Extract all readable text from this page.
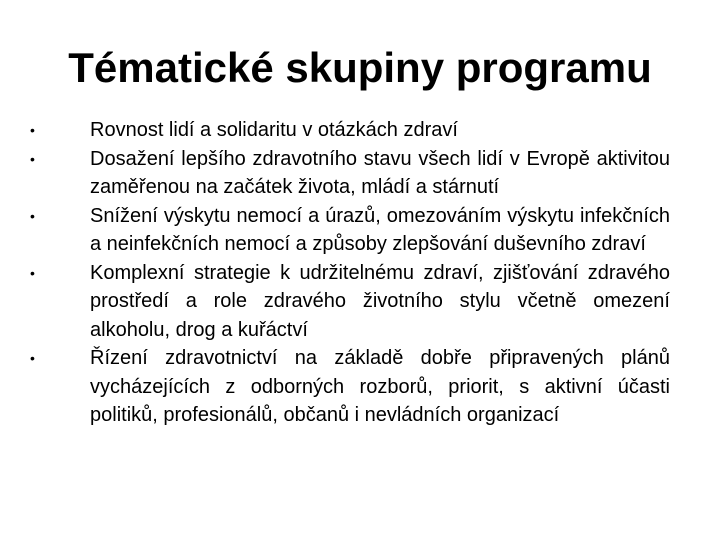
Tématické skupiny programu
•	Rovnost lidí a solidaritu v otázkách zdraví
•	Dosažení lepšího zdravotního stavu všech lidí v Evropě aktivitou zaměřenou na začátek života, mládí a stárnutí
•	Snížení výskytu nemocí a úrazů, omezováním výskytu infekčních a neinfekčních nemocí a způsoby zlepšování duševního zdraví
•	Komplexní strategie k udržitelnému zdraví, zjišťování zdravého prostředí a role zdravého životního stylu včetně omezení alkoholu, drog a kuřáctví
•	Řízení zdravotnictví na základě dobře připravených plánů vycházejících z odborných rozborů, priorit, s aktivní účasti politiků, profesionálů, občanů i nevládních organizací
